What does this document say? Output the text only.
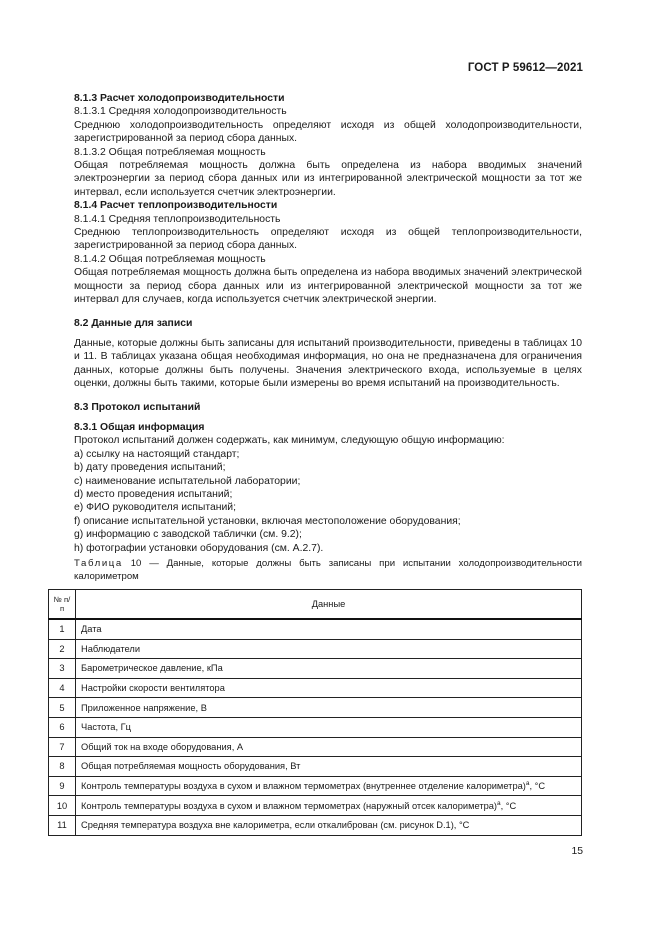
ГОСТ Р 59612—2021

8.1.3 Расчет холодопроизводительности

8.1.3.1 Средняя холодопроизводительность

Среднюю холодопроизводительность определяют исходя из общей холодопроизводительности, зарегистрированной за период сбора данных.

8.1.3.2 Общая потребляемая мощность

Общая потребляемая мощность должна быть определена из набора вводимых значений электроэнергии за период сбора данных или из интегрированной электрической мощности за тот же интервал, если используется счетчик электроэнергии.

8.1.4 Расчет теплопроизводительности

8.1.4.1 Средняя теплопроизводительность

Среднюю теплопроизводительность определяют исходя из общей теплопроизводительности, зарегистрированной за период сбора данных.

8.1.4.2 Общая потребляемая мощность

Общая потребляемая мощность должна быть определена из набора вводимых значений электрической мощности за период сбора данных или из интегрированной электрической мощности за тот же интервал для случаев, когда используется счетчик электрической энергии.

8.2 Данные для записи

Данные, которые должны быть записаны для испытаний производительности, приведены в таблицах 10 и 11. В таблицах указана общая необходимая информация, но она не предназначена для ограничения данных, которые должны быть получены. Значения электрического входа, используемые в целях оценки, должны быть такими, которые были измерены во время испытаний на производительность.

8.3 Протокол испытаний

8.3.1 Общая информация

Протокол испытаний должен содержать, как минимум, следующую общую информацию:

a) ссылку на настоящий стандарт;

b) дату проведения испытаний;

c) наименование испытательной лаборатории;

d) место проведения испытаний;

e) ФИО руководителя испытаний;

f) описание испытательной установки, включая местоположение оборудования;

g) информацию с заводской таблички (см. 9.2);

h) фотографии установки оборудования (см. А.2.7).

Таблица 10 — Данные, которые должны быть записаны при испытании холодопроизводительности калориметром
№ п/п	Данные
1	Дата
2	Наблюдатели
3	Барометрическое давление, кПа
4	Настройки скорости вентилятора
5	Приложенное напряжение, В
6	Частота, Гц
7	Общий ток на входе оборудования, А
8	Общая потребляемая мощность оборудования, Вт
9	Контроль температуры воздуха в сухом и влажном термометрах (внутреннее отделение калориметра)$^a$, °С
10	Контроль температуры воздуха в сухом и влажном термометрах (наружный отсек калориметра)$^a$, °С
11	Средняя температура воздуха вне калориметра, если откалиброван (см. рисунок D.1), °С
15
